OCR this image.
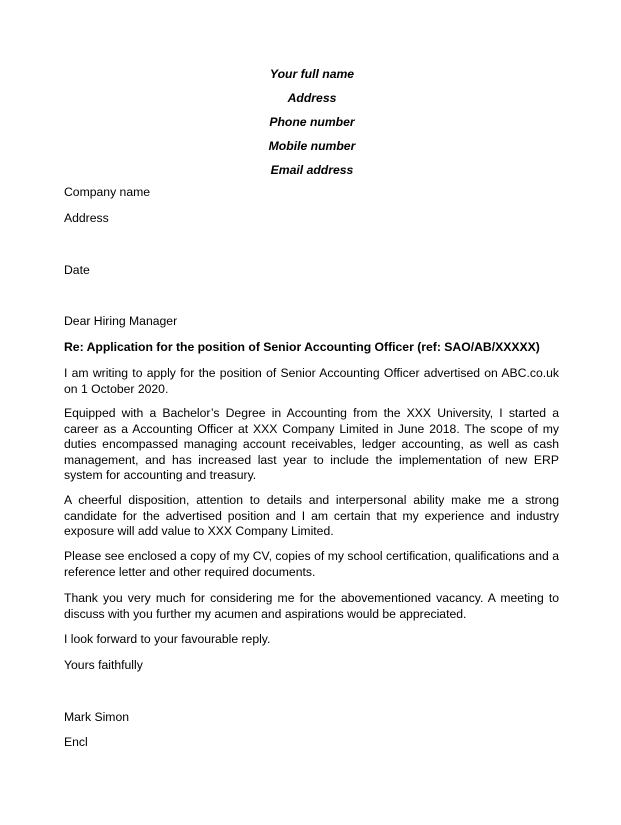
Your full name
Address
Phone number
Mobile number
Email address
Company name
Address
Date
Dear Hiring Manager
Re: Application for the position of Senior Accounting Officer (ref: SAO/AB/XXXXX)
I am writing to apply for the position of Senior Accounting Officer advertised on ABC.co.uk on 1 October 2020.
Equipped with a Bachelor’s Degree in Accounting from the XXX University, I started a career as a Accounting Officer at XXX Company Limited in June 2018. The scope of my duties encompassed managing account receivables, ledger accounting, as well as cash management, and has increased last year to include the implementation of new ERP system for accounting and treasury.
A cheerful disposition, attention to details and interpersonal ability make me a strong candidate for the advertised position and I am certain that my experience and industry exposure will add value to XXX Company Limited.
Please see enclosed a copy of my CV, copies of my school certification, qualifications and a reference letter and other required documents.
Thank you very much for considering me for the abovementioned vacancy. A meeting to discuss with you further my acumen and aspirations would be appreciated.
I look forward to your favourable reply.
Yours faithfully
Mark Simon
Encl
